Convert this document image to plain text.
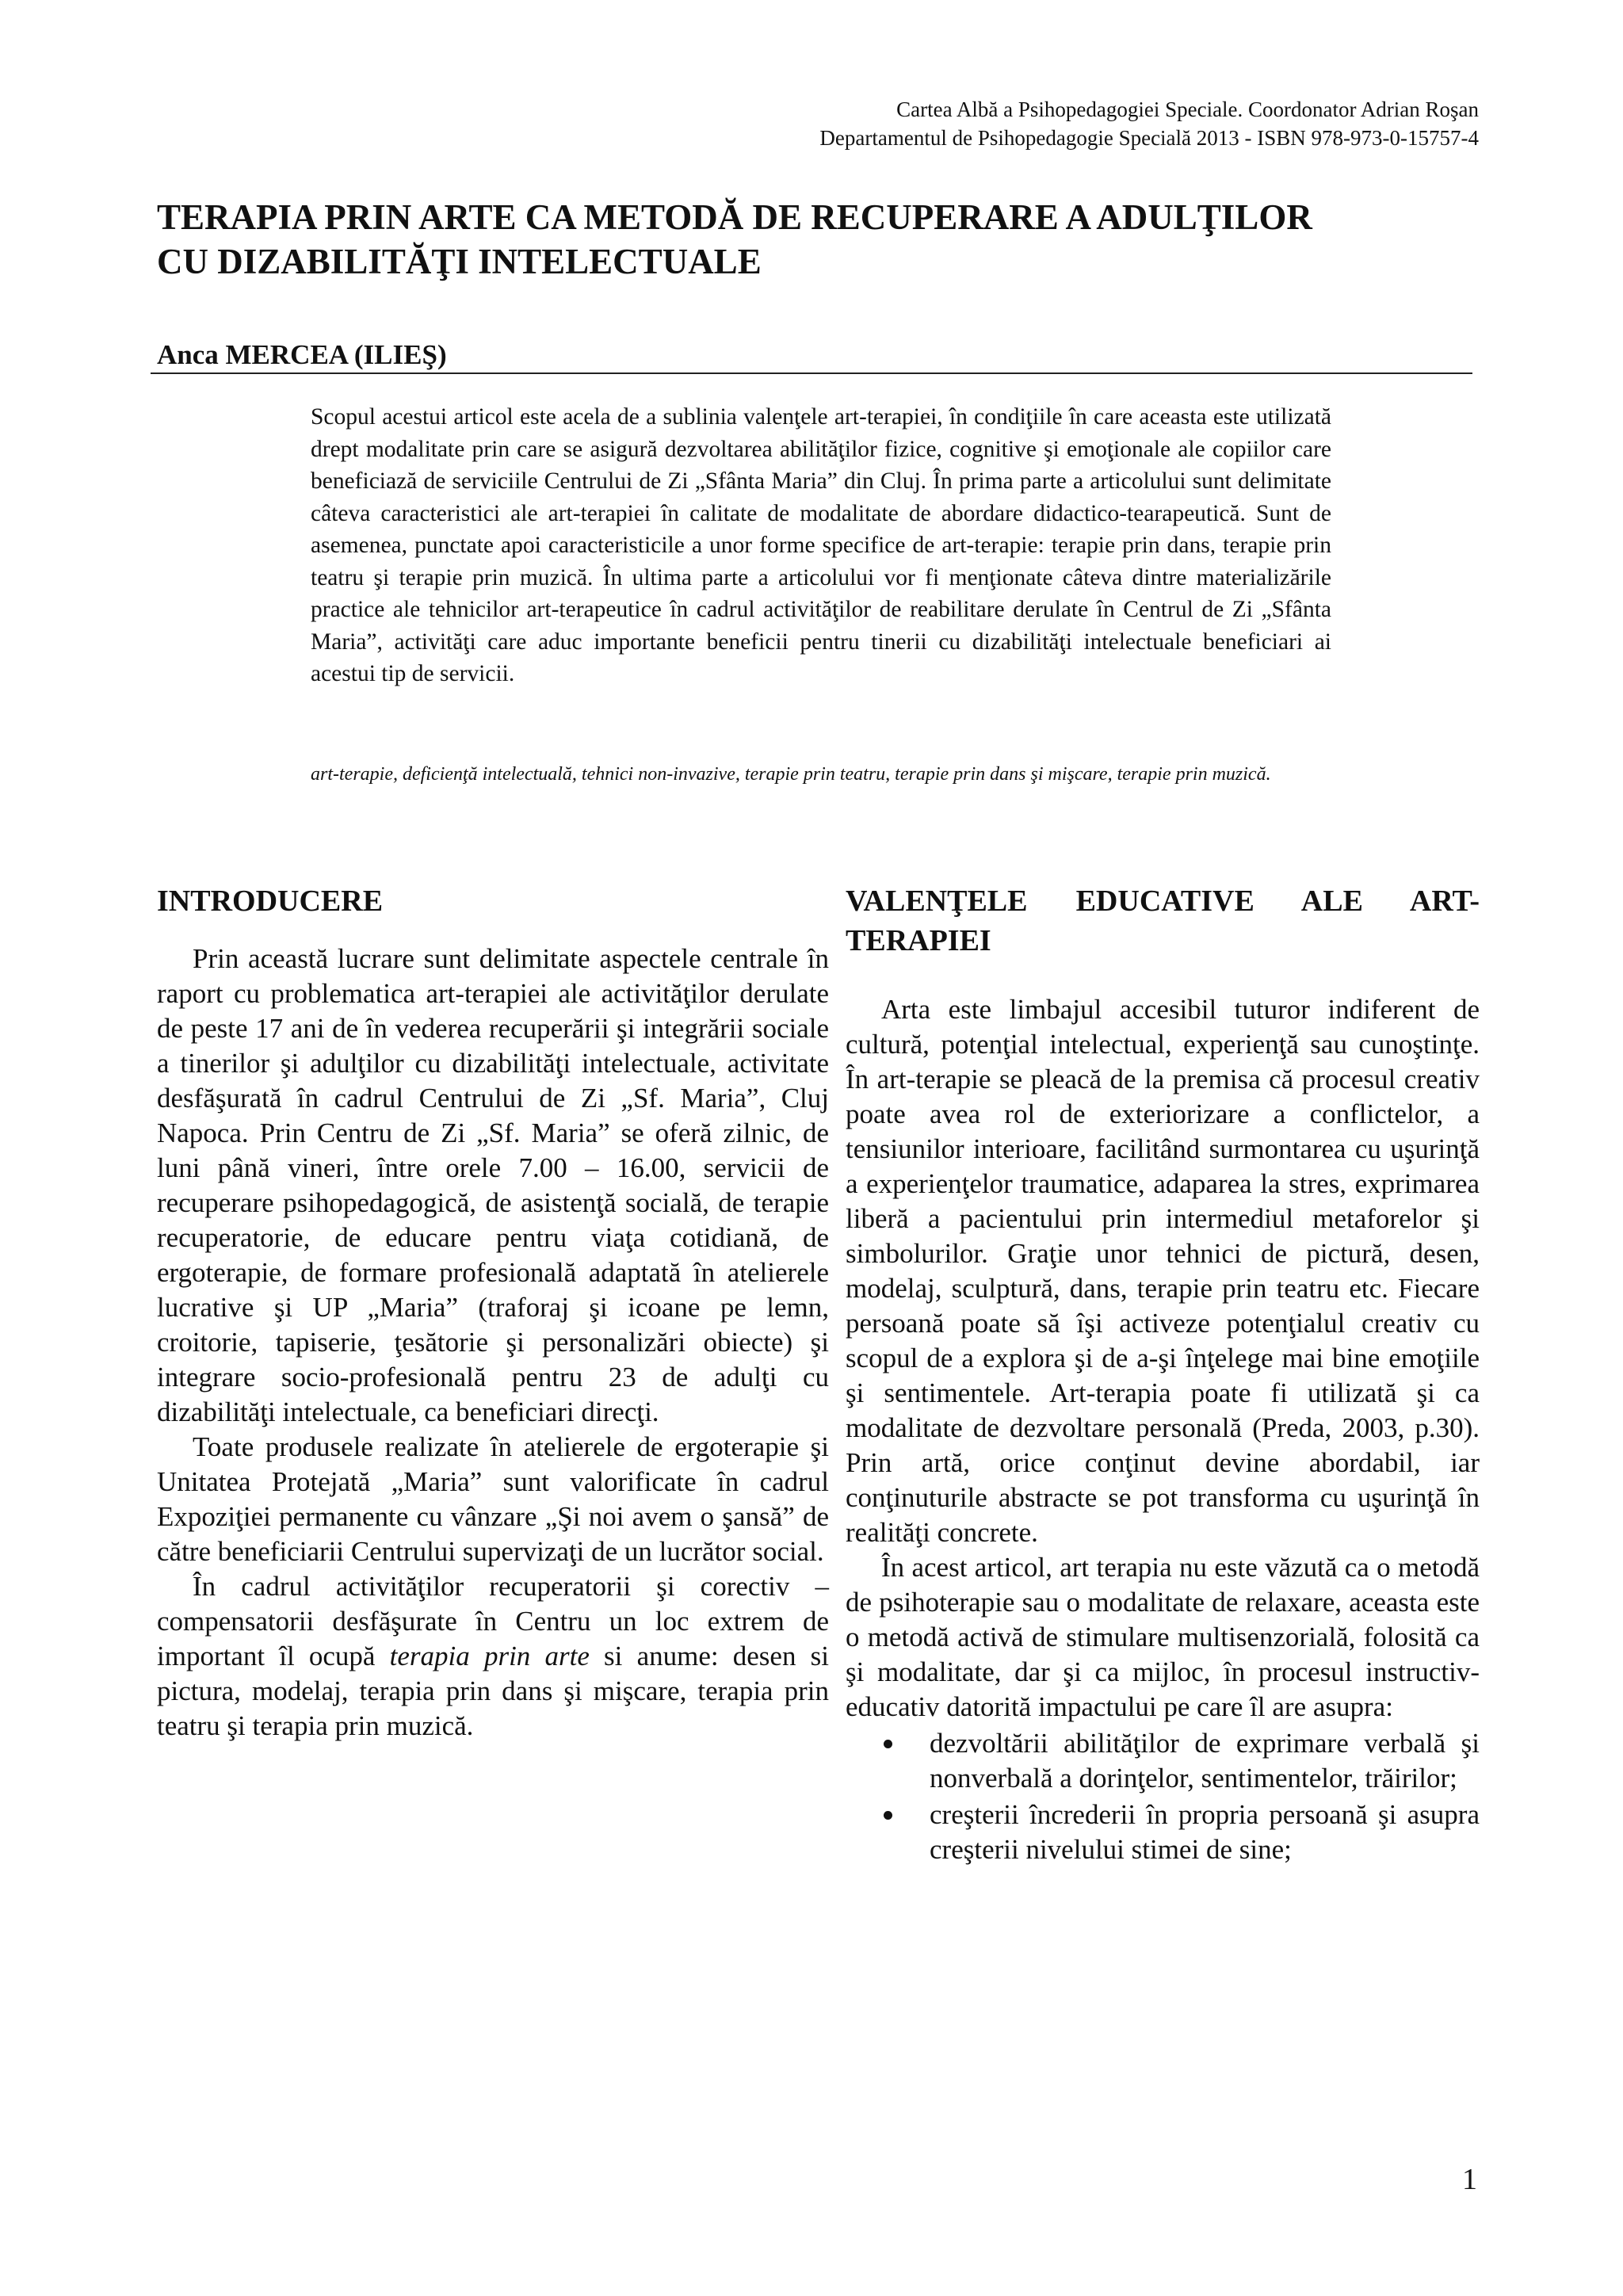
Cartea Albă a Psihopedagogiei Speciale. Coordonator Adrian Roşan
Departamentul de Psihopedagogie Specială 2013 - ISBN 978-973-0-15757-4
TERAPIA PRIN ARTE CA METODĂ DE RECUPERARE A ADULŢILOR
CU DIZABILITĂŢI INTELECTUALE
Anca MERCEA (ILIEŞ)

Scopul acestui articol este acela de a sublinia valenţele art-terapiei, în condiţiile în care aceasta este utilizată drept modalitate prin care se asigură dezvoltarea abilităţilor fizice, cognitive şi emoţionale ale copiilor care beneficiază de serviciile Centrului de Zi „Sfânta Maria” din Cluj. În prima parte a articolului sunt delimitate câteva caracteristici ale art-terapiei în calitate de modalitate de abordare didactico-tearapeutică. Sunt de asemenea, punctate apoi caracteristicile a unor forme specifice de art-terapie: terapie prin dans, terapie prin teatru şi terapie prin muzică. În ultima parte a articolului vor fi menţionate câteva dintre materializările practice ale tehnicilor art-terapeutice în cadrul activităţilor de reabilitare derulate în Centrul de Zi „Sfânta Maria”, activităţi care aduc importante beneficii pentru tinerii cu dizabilităţi intelectuale beneficiari ai acestui tip de servicii.

art-terapie, deficienţă intelectuală, tehnici non-invazive, terapie prin teatru, terapie prin dans şi mişcare, terapie prin muzică.

INTRODUCERE

Prin această lucrare sunt delimitate aspectele centrale în raport cu problematica art-terapiei ale activităţilor derulate de peste 17 ani de în vederea recuperării şi integrării sociale a tinerilor şi adulţilor cu dizabilităţi intelectuale, activitate desfăşurată în cadrul Centrului de Zi „Sf. Maria”, Cluj Napoca. Prin Centru de Zi „Sf. Maria” se oferă zilnic, de luni până vineri, între orele 7.00 – 16.00, servicii de recuperare psihopedagogică, de asistenţă socială, de terapie recuperatorie, de educare pentru viaţa cotidiană, de ergoterapie, de formare profesională adaptată în atelierele lucrative şi UP „Maria” (traforaj şi icoane pe lemn, croitorie, tapiserie, ţesătorie şi personalizări obiecte) şi integrare socio-profesională pentru 23 de adulţi cu dizabilităţi intelectuale, ca beneficiari direcţi.

Toate produsele realizate în atelierele de ergoterapie şi Unitatea Protejată „Maria” sunt valorificate în cadrul Expoziţiei permanente cu vânzare „Şi noi avem o şansă” de către beneficiarii Centrului supervizaţi de un lucrător social.

În cadrul activităţilor recuperatorii şi corectiv – compensatorii desfăşurate în Centru un loc extrem de important îl ocupă terapia prin arte si anume: desen si pictura, modelaj, terapia prin dans şi mişcare, terapia prin teatru şi terapia prin muzică.

VALENŢELE EDUCATIVE ALE ART-TERAPIEI

Arta este limbajul accesibil tuturor indiferent de cultură, potenţial intelectual, experienţă sau cunoştinţe. În art-terapie se pleacă de la premisa că procesul creativ poate avea rol de exteriorizare a conflictelor, a tensiunilor interioare, facilitând surmontarea cu uşurinţă a experienţelor traumatice, adaparea la stres, exprimarea liberă a pacientului prin intermediul metaforelor şi simbolurilor. Graţie unor tehnici de pictură, desen, modelaj, sculptură, dans, terapie prin teatru etc. Fiecare persoană poate să îşi activeze potenţialul creativ cu scopul de a explora şi de a-şi înţelege mai bine emoţiile şi sentimentele. Art-terapia poate fi utilizată şi ca modalitate de dezvoltare personală (Preda, 2003, p.30). Prin artă, orice conţinut devine abordabil, iar conţinuturile abstracte se pot transforma cu uşurinţă în realităţi concrete.

În acest articol, art terapia nu este văzută ca o metodă de psihoterapie sau o modalitate de relaxare, aceasta este o metodă activă de stimulare multisenzorială, folosită ca şi modalitate, dar şi ca mijloc, în procesul instructiv-educativ datorită impactului pe care îl are asupra:

dezvoltării abilităţilor de exprimare verbală şi nonverbală a dorinţelor, sentimentelor, trăirilor;
creşterii încrederii în propria persoană şi asupra creşterii nivelului stimei de sine;
1
